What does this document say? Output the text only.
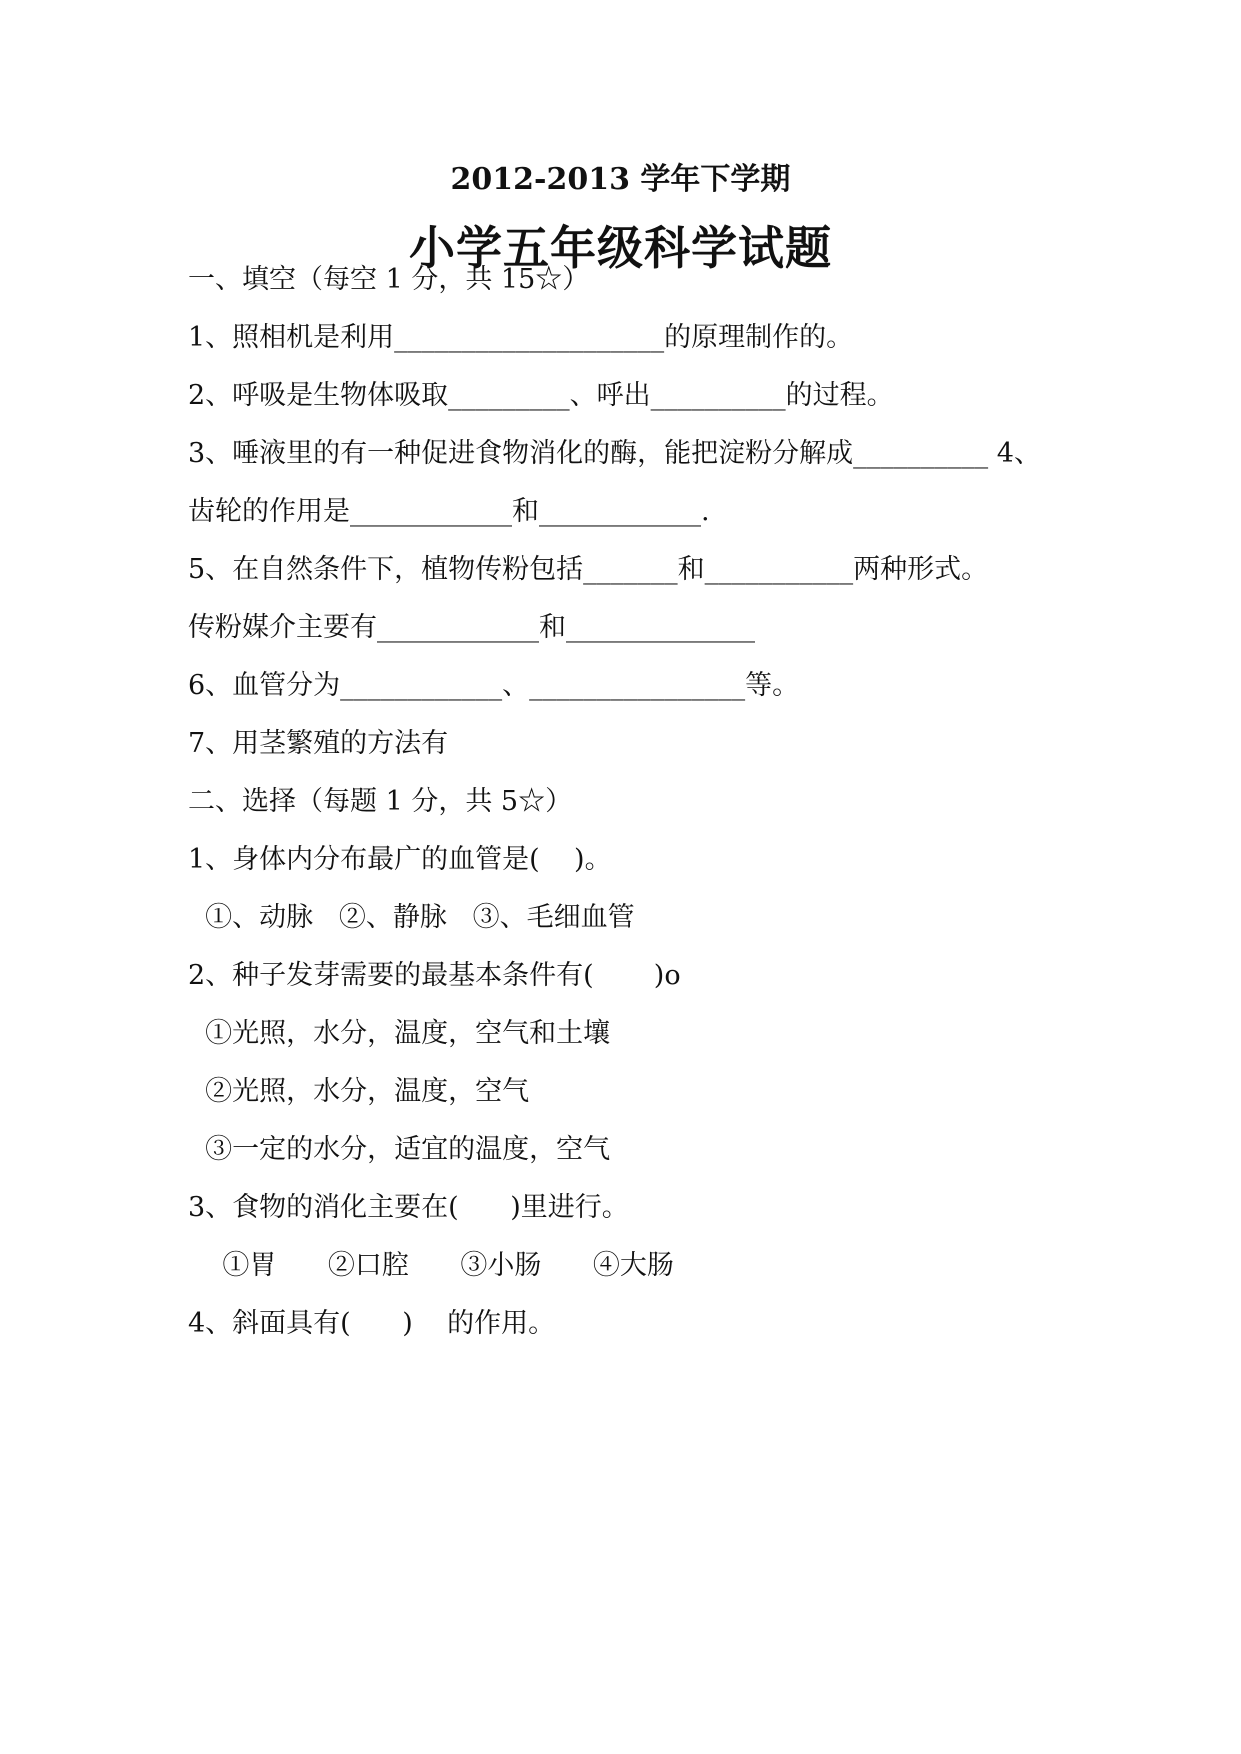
2012-2013 学年下学期
小学五年级科学试题
一、填空（每空 1 分，共 15☆）
1、照相机是利用____________________的原理制作的。
2、呼吸是生物体吸取_________、呼出__________的过程。
3、唾液里的有一种促进食物消化的酶，能把淀粉分解成__________ 4、
齿轮的作用是____________和____________.
5、在自然条件下，植物传粉包括_______和___________两种形式。
传粉媒介主要有____________和______________
6、血管分为____________、________________等。
7、用茎繁殖的方法有
二、选择（每题 1 分，共 5☆）
1、身体内分布最广的血管是(    )。
①、动脉   ②、静脉   ③、毛细血管
2、种子发芽需要的最基本条件有(       )o
①光照，水分，温度，空气和土壤
②光照，水分，温度，空气
③一定的水分，适宜的温度，空气
3、食物的消化主要在(      )里进行。
①胃      ②口腔      ③小肠      ④大肠
4、斜面具有(      )    的作用。
